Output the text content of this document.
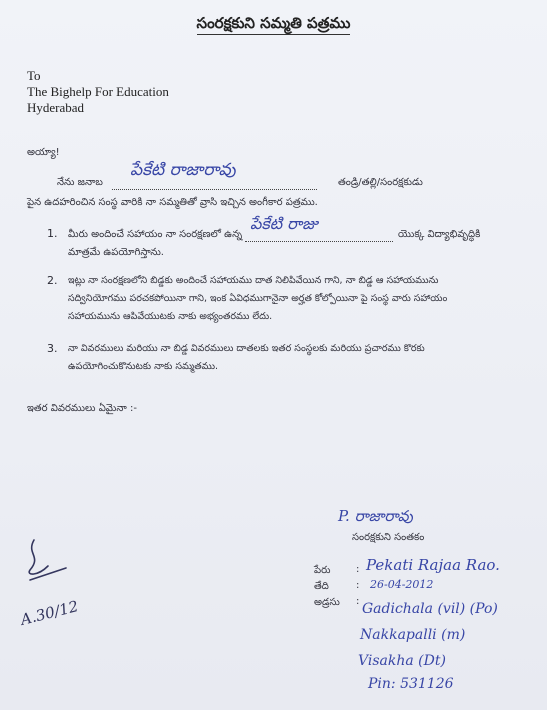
సంరక్షకుని సమ్మతి పత్రము
To
The Bighelp For Education
Hyderabad
అయ్యా!
నేను జనాబ
పేకేటి రాజారావు
తండ్రి/తల్లి/సంరక్షకుడు
పైన ఉదహరించిన సంస్థ వారికి నా సమ్మతితో వ్రాసి ఇచ్చిన అంగీకార పత్రము.
1. మీరు అందించే సహాయం నా సంరక్షణలో ఉన్న
పేకేటి రాజు
యొక్క విద్యాభివృద్ధికి
మాత్రమే ఉపయోగిస్తాను.
2. ఇట్లు నా సంరక్షణలోని బిడ్డకు అందించే సహాయము దాత నిలిపివేయిన గాని, నా బిడ్డ ఆ సహాయమును
సద్వినియోగము పరచకపోయినా గాని, ఇంక ఏవిధముగానైనా అర్హత కోల్పోయినా పై సంస్థ వారు సహాయం
సహాయమును ఆపివేయుటకు నాకు అభ్యంతరము లేదు.
3. నా వివరములు మరియు నా బిడ్డ వివరములు దాతలకు ఇతర సంస్థలకు మరియు ప్రచారము కొరకు
ఉపయోగించుకొనుటకు నాకు సమ్మతము.
ఇతర వివరములు ఏమైనా :-
P. రాజారావు
సంరక్షకుని సంతకం
పేరు	: Pekati Rajaa Rao.
తేది	: 26-04-2012
అడ్రసు : Gadichala (vil) (Po)
Nakkapalli (m)
Visakha (Dt)
Pin: 531126
A.30/12
